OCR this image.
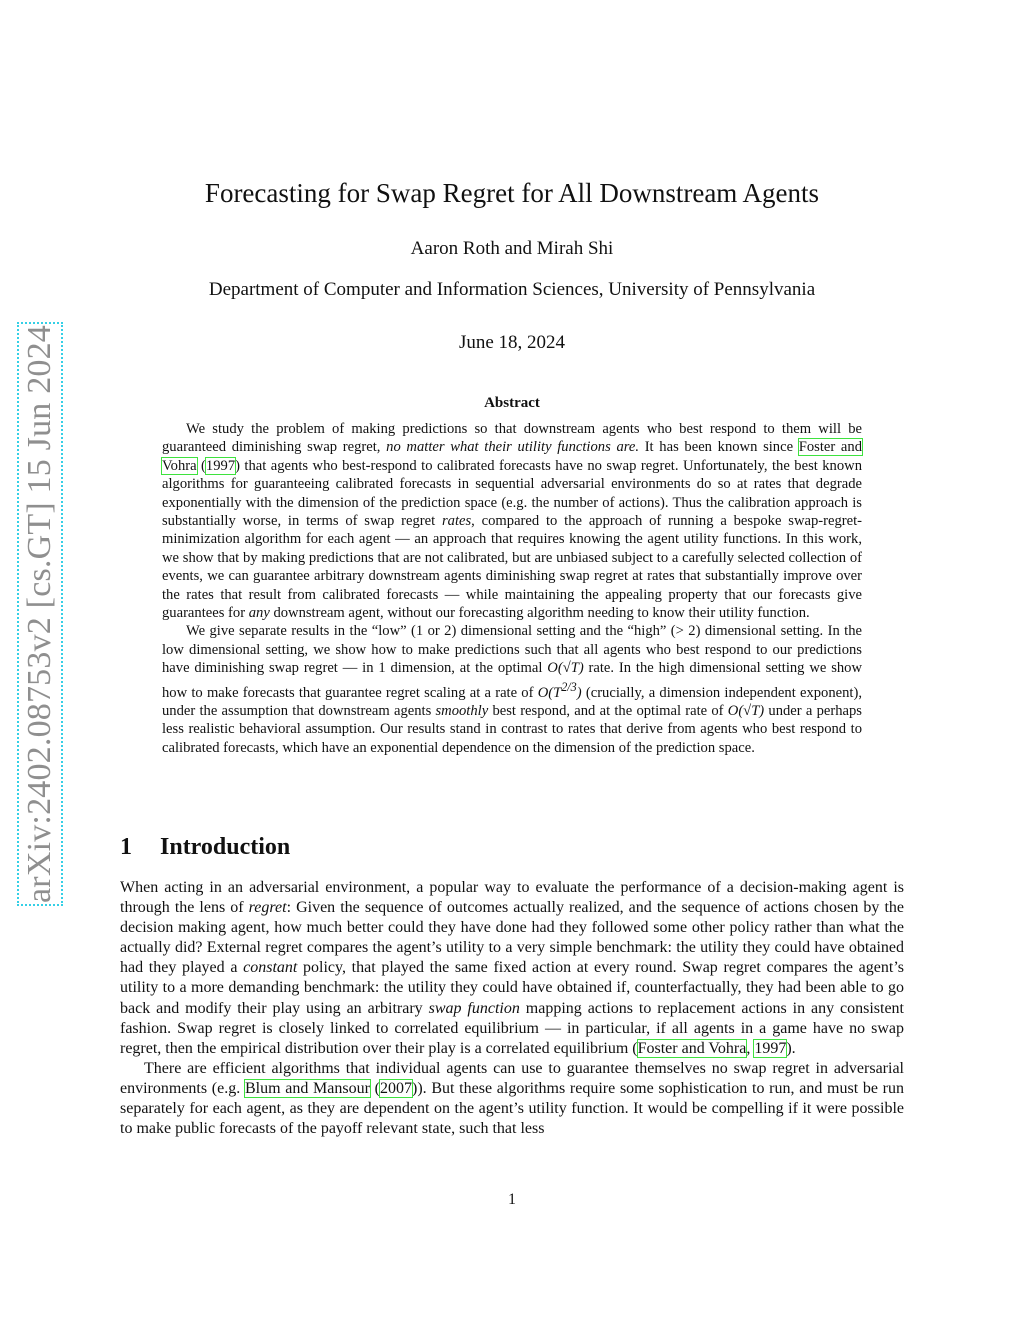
arXiv:2402.08753v2 [cs.GT] 15 Jun 2024
Forecasting for Swap Regret for All Downstream Agents
Aaron Roth and Mirah Shi
Department of Computer and Information Sciences, University of Pennsylvania
June 18, 2024
Abstract

We study the problem of making predictions so that downstream agents who best respond to them will be guaranteed diminishing swap regret, no matter what their utility functions are. It has been known since Foster and Vohra (1997) that agents who best-respond to calibrated forecasts have no swap regret. Unfortunately, the best known algorithms for guaranteeing calibrated forecasts in sequential adversarial environments do so at rates that degrade exponentially with the dimension of the prediction space (e.g. the number of actions). Thus the calibration approach is substantially worse, in terms of swap regret rates, compared to the approach of running a bespoke swap-regret-minimization algorithm for each agent — an approach that requires knowing the agent utility functions. In this work, we show that by making predictions that are not calibrated, but are unbiased subject to a carefully selected collection of events, we can guarantee arbitrary downstream agents diminishing swap regret at rates that substantially improve over the rates that result from calibrated forecasts — while maintaining the appealing property that our forecasts give guarantees for any downstream agent, without our forecasting algorithm needing to know their utility function.

We give separate results in the “low” (1 or 2) dimensional setting and the “high” (> 2) dimensional setting. In the low dimensional setting, we show how to make predictions such that all agents who best respond to our predictions have diminishing swap regret — in 1 dimension, at the optimal O(√T) rate. In the high dimensional setting we show how to make forecasts that guarantee regret scaling at a rate of $O(T^{2/3})$ (crucially, a dimension independent exponent), under the assumption that downstream agents smoothly best respond, and at the optimal rate of O(√T) under a perhaps less realistic behavioral assumption. Our results stand in contrast to rates that derive from agents who best respond to calibrated forecasts, which have an exponential dependence on the dimension of the prediction space.

1 Introduction

When acting in an adversarial environment, a popular way to evaluate the performance of a decision-making agent is through the lens of regret: Given the sequence of outcomes actually realized, and the sequence of actions chosen by the decision making agent, how much better could they have done had they followed some other policy rather than what the actually did? External regret compares the agent’s utility to a very simple benchmark: the utility they could have obtained had they played a constant policy, that played the same fixed action at every round. Swap regret compares the agent’s utility to a more demanding benchmark: the utility they could have obtained if, counterfactually, they had been able to go back and modify their play using an arbitrary swap function mapping actions to replacement actions in any consistent fashion. Swap regret is closely linked to correlated equilibrium — in particular, if all agents in a game have no swap regret, then the empirical distribution over their play is a correlated equilibrium (Foster and Vohra, 1997).

There are efficient algorithms that individual agents can use to guarantee themselves no swap regret in adversarial environments (e.g. Blum and Mansour (2007)). But these algorithms require some sophistication to run, and must be run separately for each agent, as they are dependent on the agent’s utility function. It would be compelling if it were possible to make public forecasts of the payoff relevant state, such that less

1
